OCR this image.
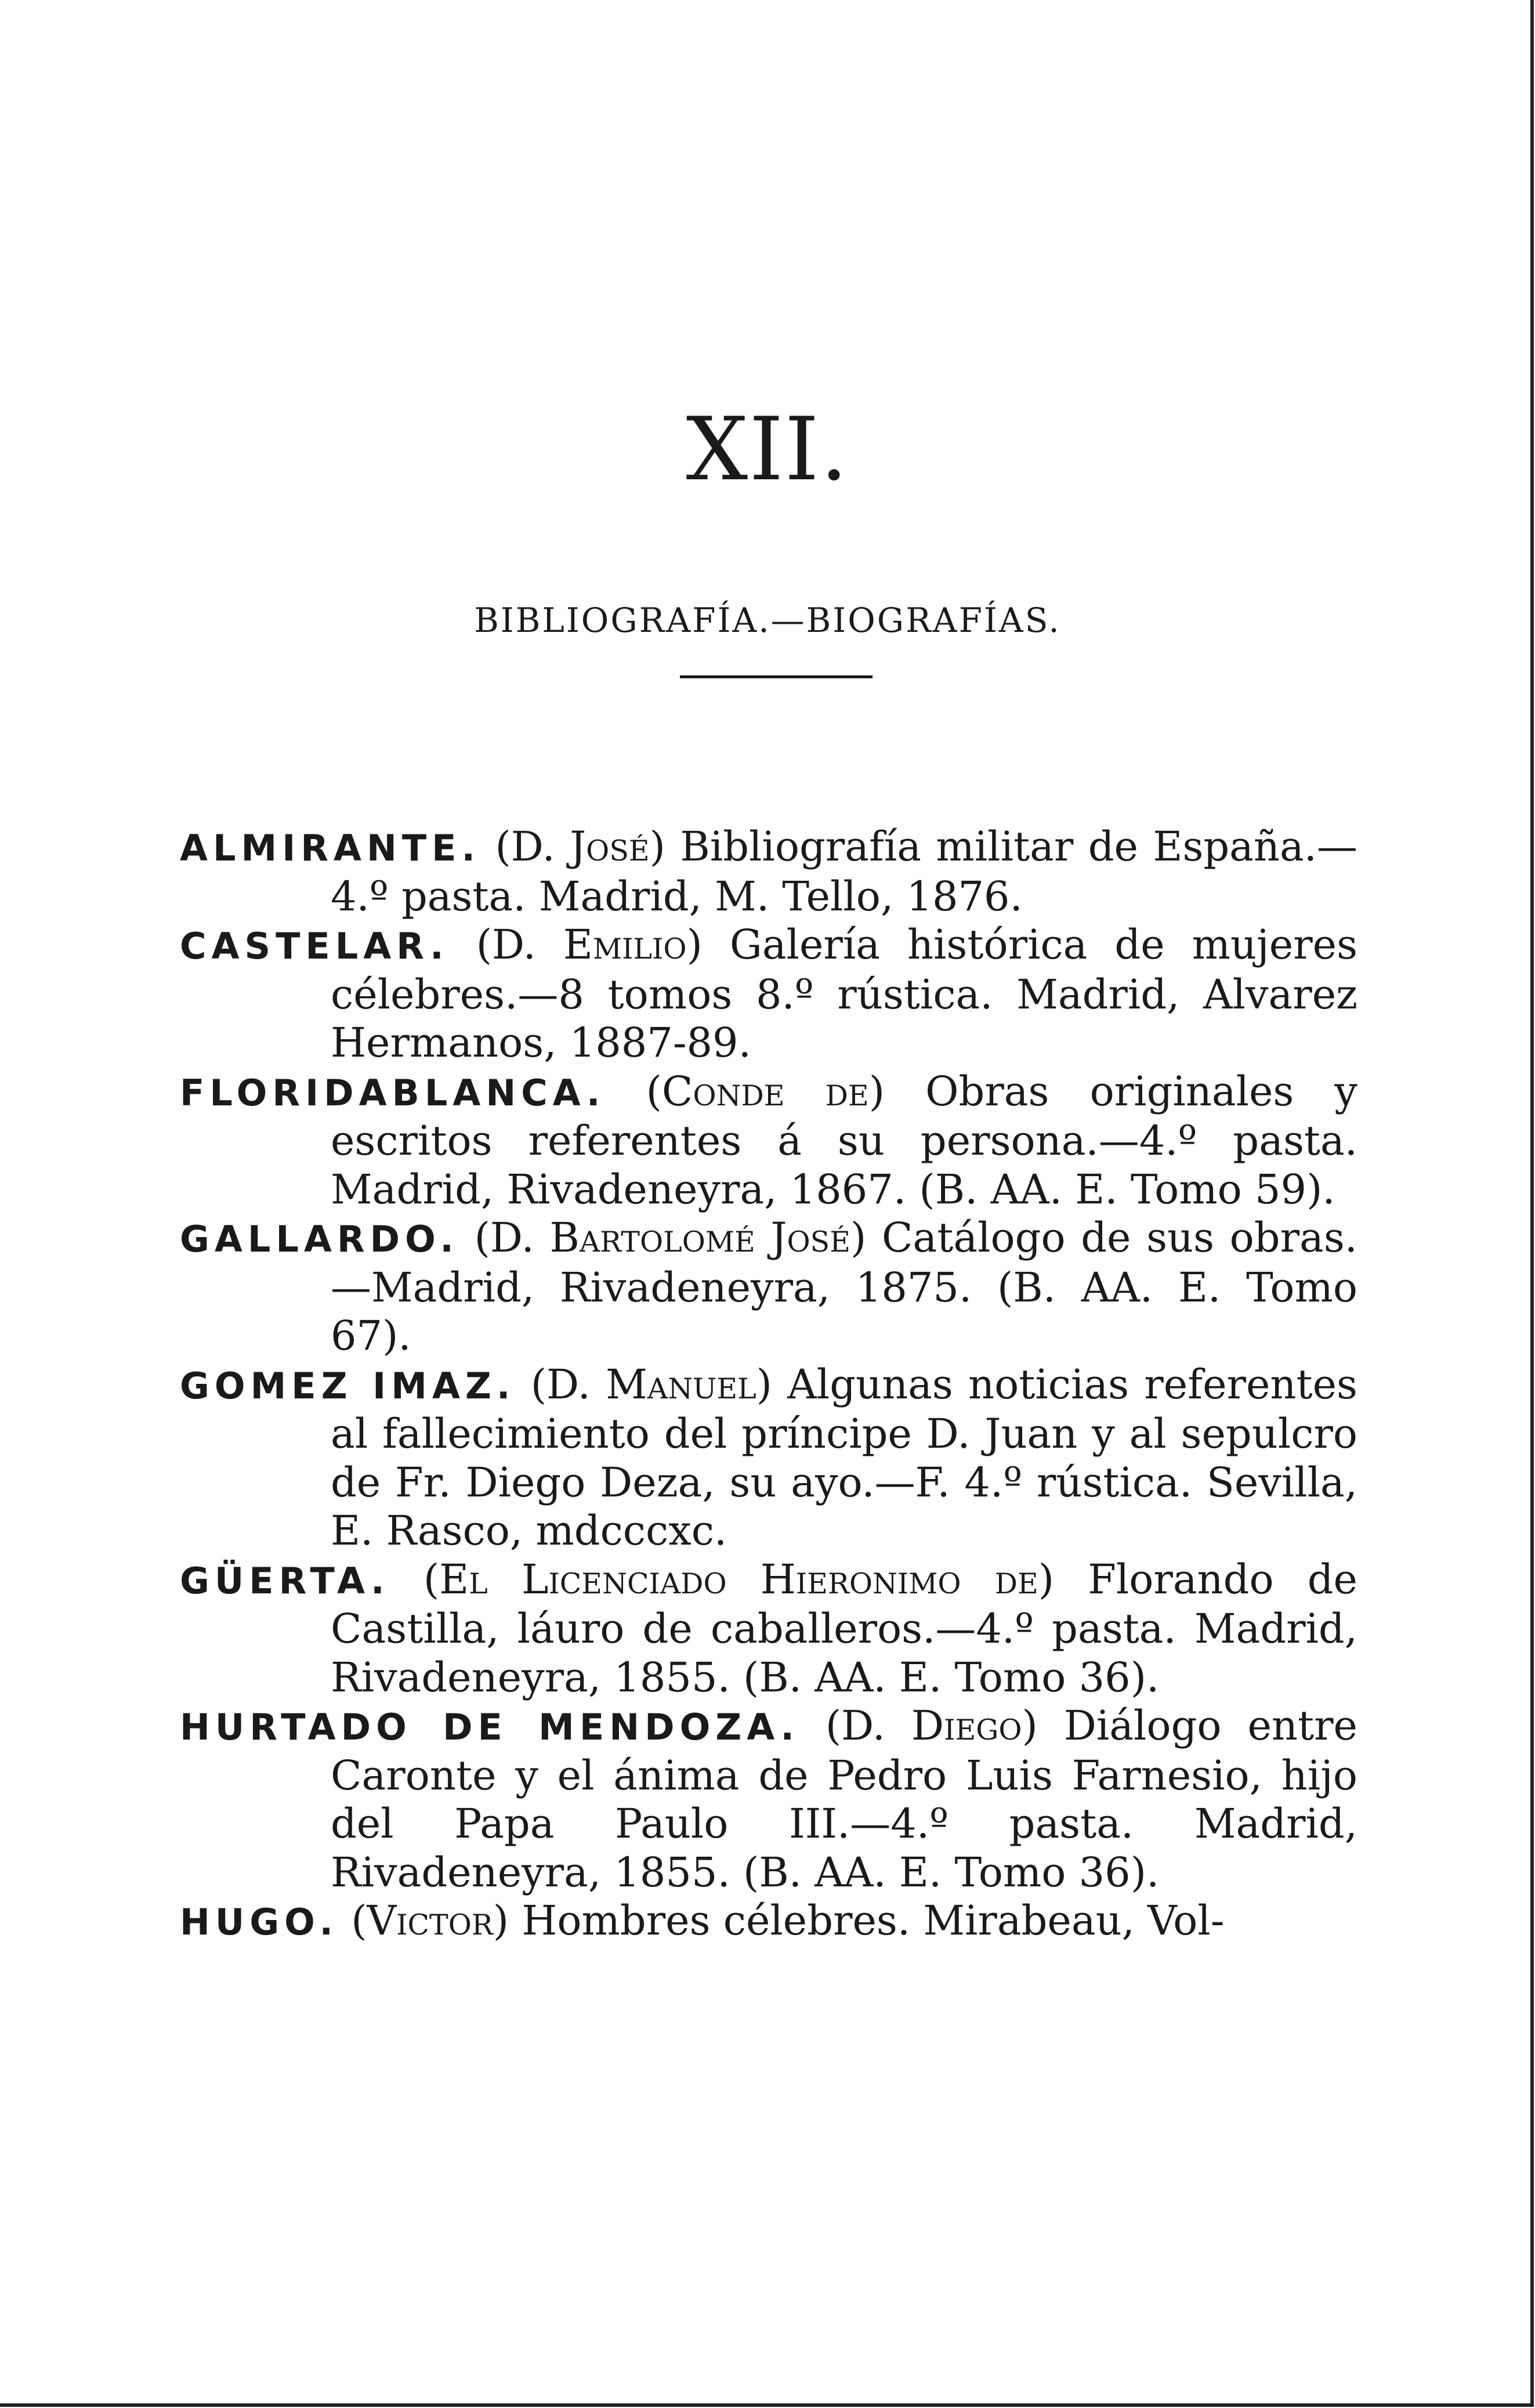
XII.
BIBLIOGRAFÍA.—BIOGRAFÍAS.

ALMIRANTE. (D. José) Bibliografía militar de España.—4.º pasta. Madrid, M. Tello, 1876.

CASTELAR. (D. Emilio) Galería histórica de mujeres célebres.—8 tomos 8.º rústica. Madrid, Alvarez Hermanos, 1887-89.

FLORIDABLANCA. (Conde de) Obras originales y escritos referentes á su persona.—4.º pasta. Madrid, Rivadeneyra, 1867. (B. AA. E. Tomo 59).

GALLARDO. (D. Bartolomé José) Catálogo de sus obras.—Madrid, Rivadeneyra, 1875. (B. AA. E. Tomo 67).

GOMEZ IMAZ. (D. Manuel) Algunas noticias referentes al fallecimiento del príncipe D. Juan y al sepulcro de Fr. Diego Deza, su ayo.—F. 4.º rústica. Sevilla, E. Rasco, mdcccxc.

GÜERTA. (El Licenciado Hieronimo de) Florando de Castilla, láuro de caballeros.—4.º pasta. Madrid, Rivadeneyra, 1855. (B. AA. E. Tomo 36).

HURTADO DE MENDOZA. (D. Diego) Diálogo entre Caronte y el ánima de Pedro Luis Farnesio, hijo del Papa Paulo III.—4.º pasta. Madrid, Rivadeneyra, 1855. (B. AA. E. Tomo 36).

HUGO. (Victor) Hombres célebres. Mirabeau, Vol-
